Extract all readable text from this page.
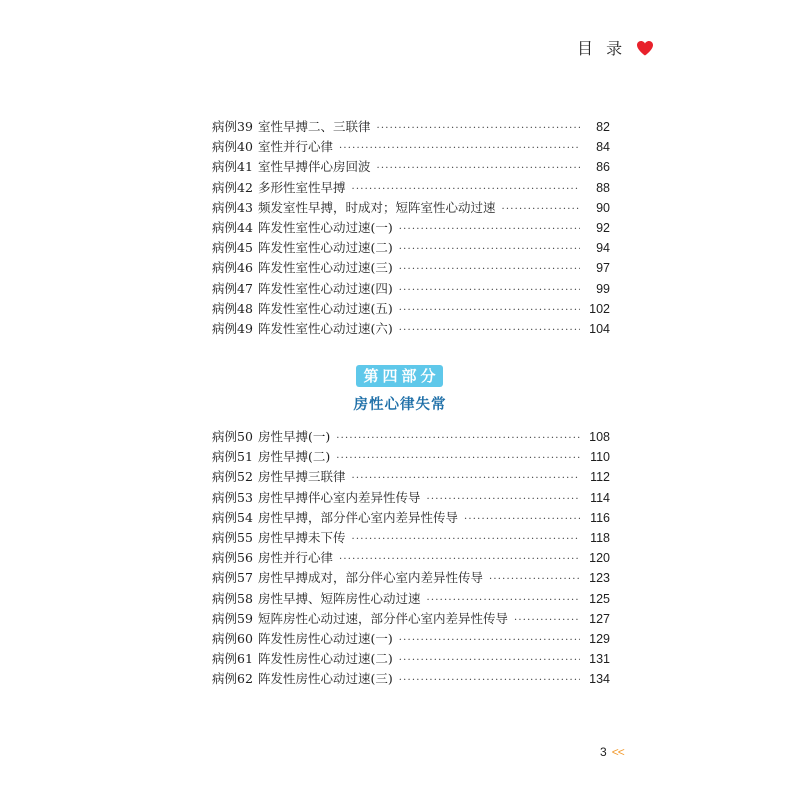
目 录
病例39 室性早搏二、三联律 ·····	82
病例40 室性并行心律 ·····	84
病例41 室性早搏伴心房回波 ·····	86
病例42 多形性室性早搏 ·····	88
病例43 频发室性早搏，时成对；短阵室性心动过速 ·····	90
病例44 阵发性室性心动过速(一) ·····	92
病例45 阵发性室性心动过速(二) ·····	94
病例46 阵发性室性心动过速(三) ·····	97
病例47 阵发性室性心动过速(四) ·····	99
病例48 阵发性室性心动过速(五) ·····	102
病例49 阵发性室性心动过速(六) ·····	104
第四部分
房性心律失常
病例50 房性早搏(一) ·····	108
病例51 房性早搏(二) ·····	110
病例52 房性早搏三联律 ·····	112
病例53 房性早搏伴心室内差异性传导 ·····	114
病例54 房性早搏，部分伴心室内差异性传导 ·····	116
病例55 房性早搏未下传 ·····	118
病例56 房性并行心律 ·····	120
病例57 房性早搏成对，部分伴心室内差异性传导 ·····	123
病例58 房性早搏、短阵房性心动过速 ·····	125
病例59 短阵房性心动过速，部分伴心室内差异性传导 ·····	127
病例60 阵发性房性心动过速(一) ·····	129
病例61 阵发性房性心动过速(二) ·····	131
病例62 阵发性房性心动过速(三) ·····	134
3 <<
